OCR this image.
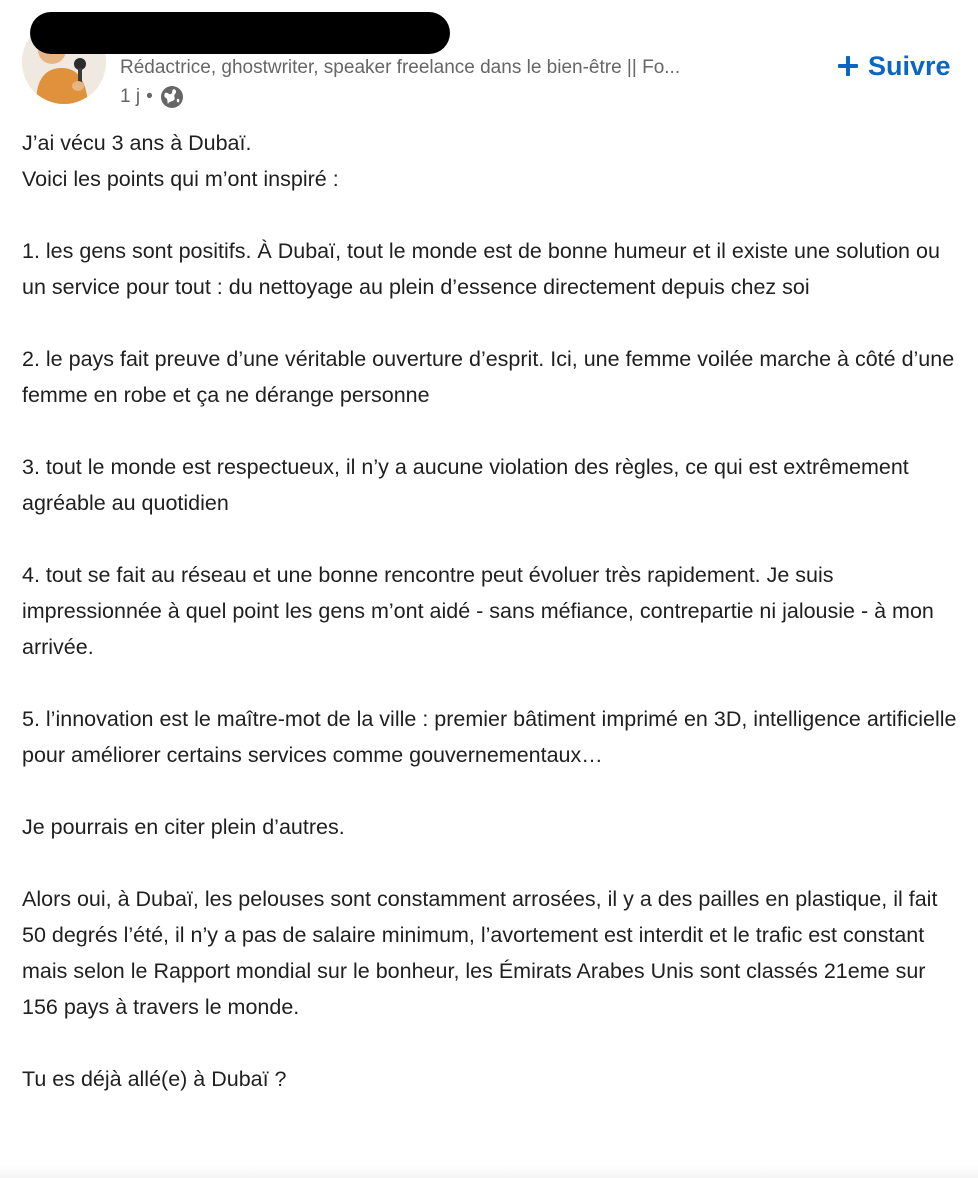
Rédactrice, ghostwriter, speaker freelance dans le bien-être || Fo...
1 j •
Suivre

J’ai vécu 3 ans à Dubaï.
Voici les points qui m’ont inspiré :

1. les gens sont positifs. À Dubaï, tout le monde est de bonne humeur et il existe une solution ou un service pour tout : du nettoyage au plein d’essence directement depuis chez soi

2. le pays fait preuve d’une véritable ouverture d’esprit. Ici, une femme voilée marche à côté d’une femme en robe et ça ne dérange personne

3. tout le monde est respectueux, il n’y a aucune violation des règles, ce qui est extrêmement agréable au quotidien

4. tout se fait au réseau et une bonne rencontre peut évoluer très rapidement. Je suis impressionnée à quel point les gens m’ont aidé - sans méfiance, contrepartie ni jalousie - à mon arrivée.

5. l’innovation est le maître-mot de la ville : premier bâtiment imprimé en 3D, intelligence artificielle pour améliorer certains services comme gouvernementaux…

Je pourrais en citer plein d’autres.

Alors oui, à Dubaï, les pelouses sont constamment arrosées, il y a des pailles en plastique, il fait 50 degrés l’été, il n’y a pas de salaire minimum, l’avortement est interdit et le trafic est constant mais selon le Rapport mondial sur le bonheur, les Émirats Arabes Unis sont classés 21eme sur 156 pays à travers le monde.

Tu es déjà allé(e) à Dubaï ?
